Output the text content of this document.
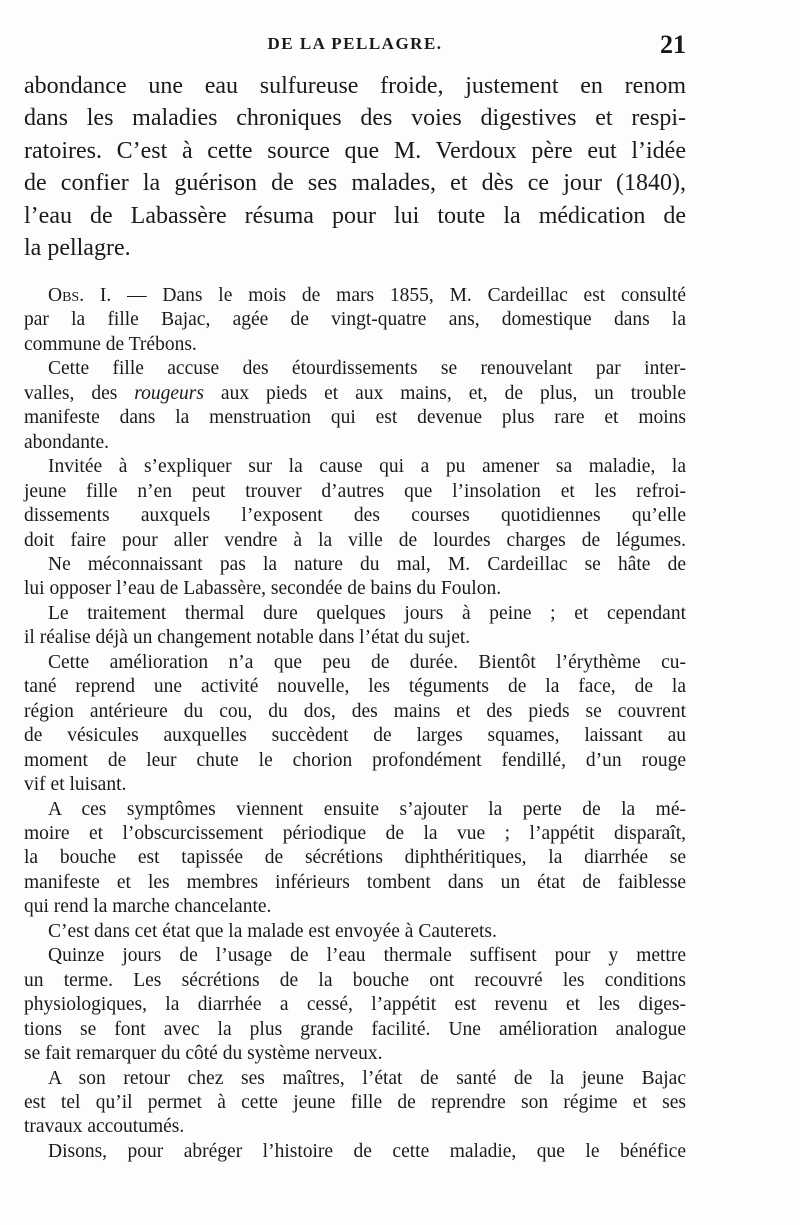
DE LA PELLAGRE.	21
abondance une eau sulfureuse froide, justement en renom
dans les maladies chroniques des voies digestives et respi-
ratoires. C’est à cette source que M. Verdoux père eut l’idée
de confier la guérison de ses malades, et dès ce jour (1840),
l’eau de Labassère résuma pour lui toute la médication de
la pellagre.
Obs. I. — Dans le mois de mars 1855, M. Cardeillac est consulté
par la fille Bajac, agée de vingt-quatre ans, domestique dans la
commune de Trébons.
Cette fille accuse des étourdissements se renouvelant par inter-
valles, des rougeurs aux pieds et aux mains, et, de plus, un trouble
manifeste dans la menstruation qui est devenue plus rare et moins
abondante.
Invitée à s’expliquer sur la cause qui a pu amener sa maladie, la
jeune fille n’en peut trouver d’autres que l’insolation et les refroi-
dissements auxquels l’exposent des courses quotidiennes qu’elle
doit faire pour aller vendre à la ville de lourdes charges de légumes.
Ne méconnaissant pas la nature du mal, M. Cardeillac se hâte de
lui opposer l’eau de Labassère, secondée de bains du Foulon.
Le traitement thermal dure quelques jours à peine ; et cependant
il réalise déjà un changement notable dans l’état du sujet.
Cette amélioration n’a que peu de durée. Bientôt l’érythème cu-
tané reprend une activité nouvelle, les téguments de la face, de la
région antérieure du cou, du dos, des mains et des pieds se couvrent
de vésicules auxquelles succèdent de larges squames, laissant au
moment de leur chute le chorion profondément fendillé, d’un rouge
vif et luisant.
A ces symptômes viennent ensuite s’ajouter la perte de la mé-
moire et l’obscurcissement périodique de la vue ; l’appétit disparaît,
la bouche est tapissée de sécrétions diphthéritiques, la diarrhée se
manifeste et les membres inférieurs tombent dans un état de faiblesse
qui rend la marche chancelante.
C’est dans cet état que la malade est envoyée à Cauterets.
Quinze jours de l’usage de l’eau thermale suffisent pour y mettre
un terme. Les sécrétions de la bouche ont recouvré les conditions
physiologiques, la diarrhée a cessé, l’appétit est revenu et les diges-
tions se font avec la plus grande facilité. Une amélioration analogue
se fait remarquer du côté du système nerveux.
A son retour chez ses maîtres, l’état de santé de la jeune Bajac
est tel qu’il permet à cette jeune fille de reprendre son régime et ses
travaux accoutumés.
Disons, pour abréger l’histoire de cette maladie, que le bénéfice
